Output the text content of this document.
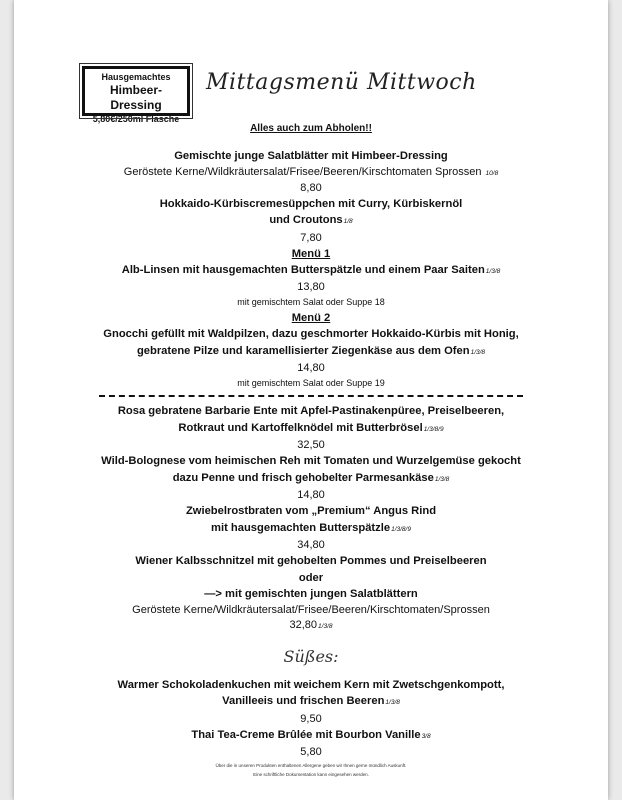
Hausgemachtes
Himbeer-Dressing
5,80€/250ml Flasche
Mittagsmenü Mittwoch
Alles auch zum Abholen!!
Gemischte junge Salatblätter mit Himbeer-Dressing
Geröstete Kerne/Wildkräutersalat/Frisee/Beeren/Kirschtomaten Sprossen 10/8
8,80
Hokkaido-Kürbiscremesüppchen mit Curry, Kürbiskernöl
und Croutons1/8
7,80
Menü 1
Alb-Linsen mit hausgemachten Butterspätzle und einem Paar Saiten1/3/8
13,80
mit gemischtem Salat oder Suppe 18
Menü 2
Gnocchi gefüllt mit Waldpilzen, dazu geschmorter Hokkaido-Kürbis mit Honig,
gebratene Pilze und karamellisierter Ziegenkäse aus dem Ofen1/3/8
14,80
mit gemischtem Salat oder Suppe 19
Rosa gebratene Barbarie Ente mit Apfel-Pastinakenpüree, Preiselbeeren,
Rotkraut und Kartoffelknödel mit Butterbrösel1/3/8/9
32,50
Wild-Bolognese vom heimischen Reh mit Tomaten und Wurzelgemüse gekocht
dazu Penne und frisch gehobelter Parmesankäse1/3/8
14,80
Zwiebelrostbraten vom „Premium“ Angus Rind
mit hausgemachten Butterspätzle1/3/8/9
34,80
Wiener Kalbsschnitzel mit gehobelten Pommes und Preiselbeeren
oder
—> mit gemischten jungen Salatblättern
Geröstete Kerne/Wildkräutersalat/Frisee/Beeren/Kirschtomaten/Sprossen
32,801/3/8
Süßes:
Warmer Schokoladenkuchen mit weichem Kern mit Zwetschgenkompott,
Vanilleeis und frischen Beeren1/3/8
9,50
Thai Tea-Creme Brûlée mit Bourbon Vanille3/8
5,80
Über die in unseren Produkten enthaltenen Allergene geben wir Ihnen gerne mündlich Auskunft.
Eine schriftliche Dokumentation kann eingesehen werden.
